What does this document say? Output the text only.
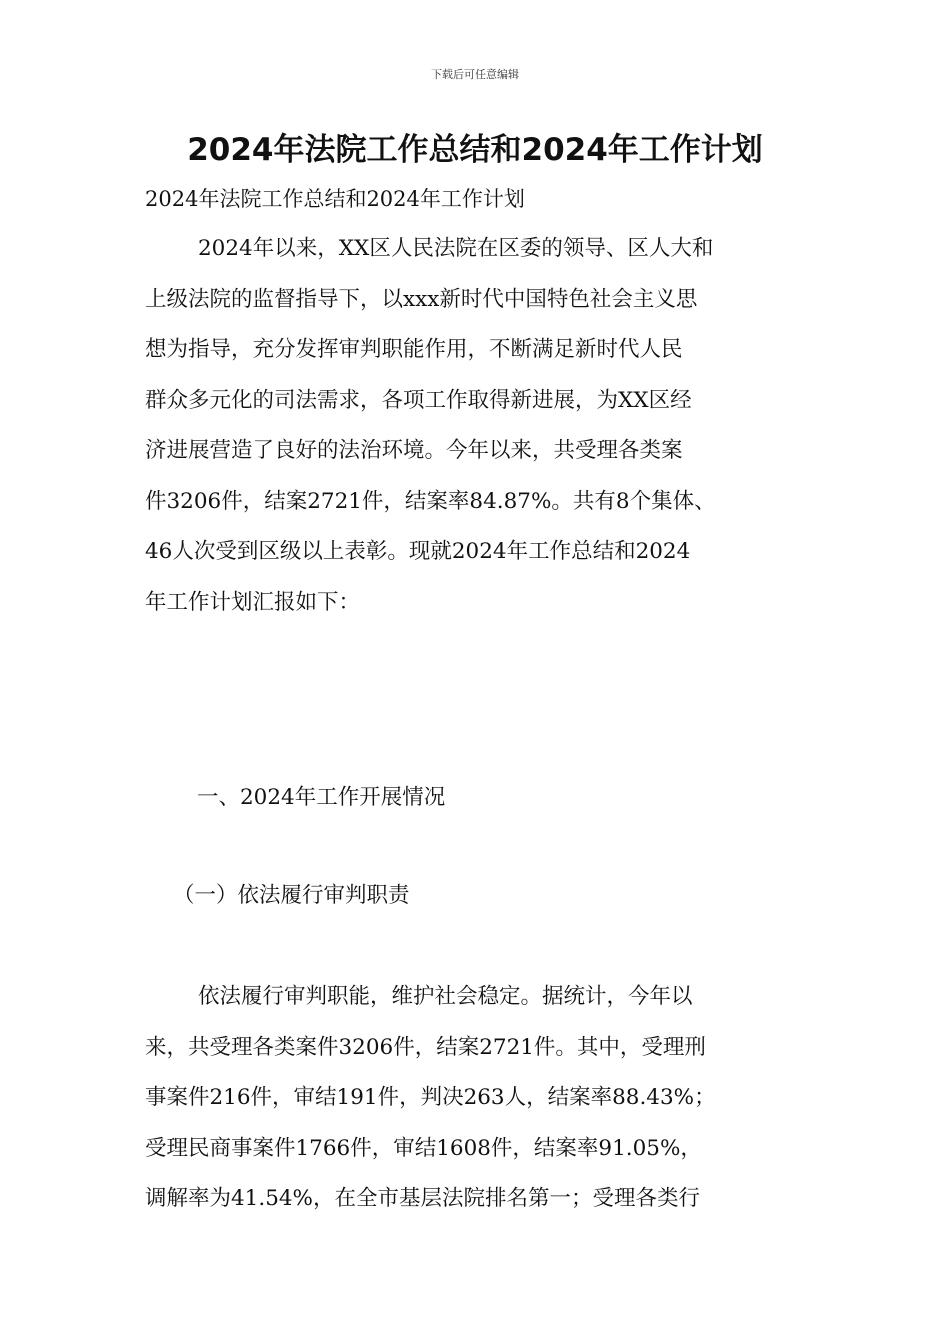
下载后可任意编辑
2024年法院工作总结和2024年工作计划

2024年法院工作总结和2024年工作计划

2024年以来，XX区人民法院在区委的领导、区人大和
上级法院的监督指导下，以xxx新时代中国特色社会主义思
想为指导，充分发挥审判职能作用，不断满足新时代人民
群众多元化的司法需求，各项工作取得新进展，为XX区经
济进展营造了良好的法治环境。今年以来，共受理各类案
件3206件，结案2721件，结案率84.87%。共有8个集体、
46人次受到区级以上表彰。现就2024年工作总结和2024
年工作计划汇报如下：

一、2024年工作开展情况
（一）依法履行审判职责

依法履行审判职能，维护社会稳定。据统计，今年以
来，共受理各类案件3206件，结案2721件。其中，受理刑
事案件216件，审结191件，判决263人，结案率88.43%；
受理民商事案件1766件，审结1608件，结案率91.05%，
调解率为41.54%，在全市基层法院排名第一；受理各类行
